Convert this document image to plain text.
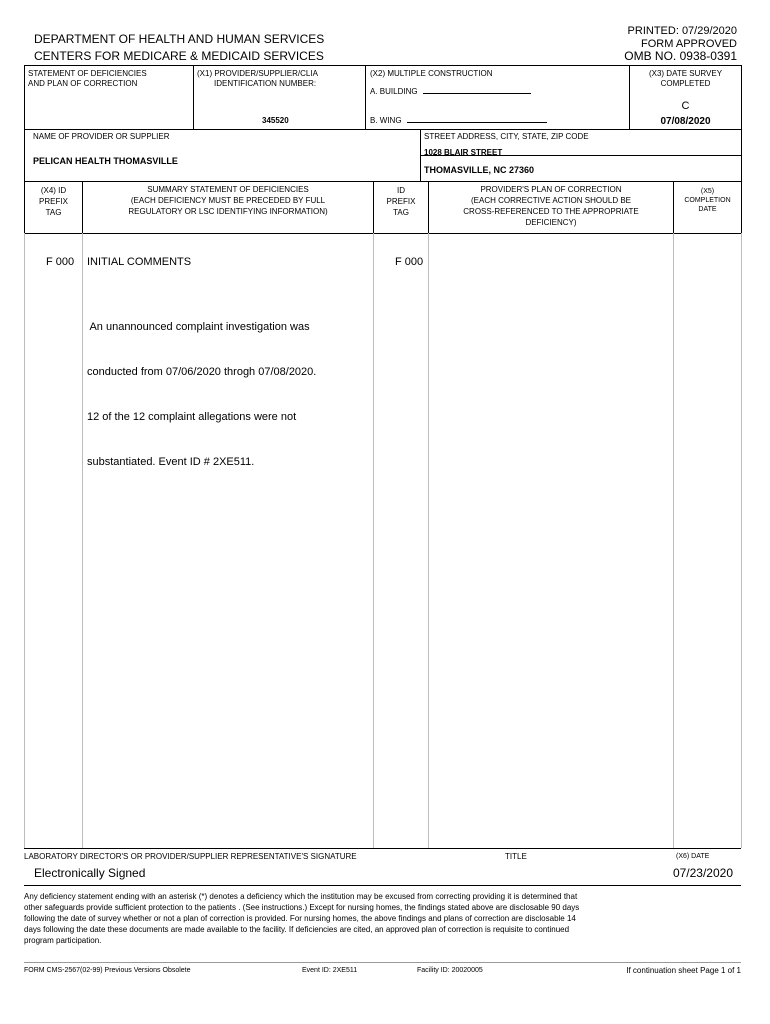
DEPARTMENT OF HEALTH AND HUMAN SERVICES
CENTERS FOR MEDICARE & MEDICAID SERVICES
PRINTED: 07/29/2020
FORM APPROVED
OMB NO. 0938-0391
STATEMENT OF DEFICIENCIES
AND PLAN OF CORRECTION
(X1) PROVIDER/SUPPLIER/CLIA
IDENTIFICATION NUMBER:
345520
(X2) MULTIPLE CONSTRUCTION
A. BUILDING
B. WING
(X3) DATE SURVEY
COMPLETED
C
07/08/2020
NAME OF PROVIDER OR SUPPLIER
PELICAN HEALTH THOMASVILLE
STREET ADDRESS, CITY, STATE, ZIP CODE
1028 BLAIR STREET
THOMASVILLE, NC 27360
(X4) ID
PREFIX
TAG
SUMMARY STATEMENT OF DEFICIENCIES
(EACH DEFICIENCY MUST BE PRECEDED BY FULL
REGULATORY OR LSC IDENTIFYING INFORMATION)
ID
PREFIX
TAG
PROVIDER'S PLAN OF CORRECTION
(EACH CORRECTIVE ACTION SHOULD BE
CROSS-REFERENCED TO THE APPROPRIATE
DEFICIENCY)
(X5)
COMPLETION
DATE
F 000 INITIAL COMMENTS	F 000

An unannounced complaint investigation was

conducted from 07/06/2020 throgh 07/08/2020.

12 of the 12 complaint allegations were not

substantiated. Event ID # 2XE511.

LABORATORY DIRECTOR'S OR PROVIDER/SUPPLIER REPRESENTATIVE'S SIGNATURE	TITLE	(X6) DATE
Electronically Signed	07/23/2020
Any deficiency statement ending with an asterisk (*) denotes a deficiency which the institution may be excused from correcting providing it is determined that
other safeguards provide sufficient protection to the patients . (See instructions.) Except for nursing homes, the findings stated above are disclosable 90 days
following the date of survey whether or not a plan of correction is provided. For nursing homes, the above findings and plans of correction are disclosable 14
days following the date these documents are made available to the facility. If deficiencies are cited, an approved plan of correction is requisite to continued
program participation.
FORM CMS-2567(02-99) Previous Versions Obsolete	Event ID: 2XE511	Facility ID: 20020005	If continuation sheet Page 1 of 1
